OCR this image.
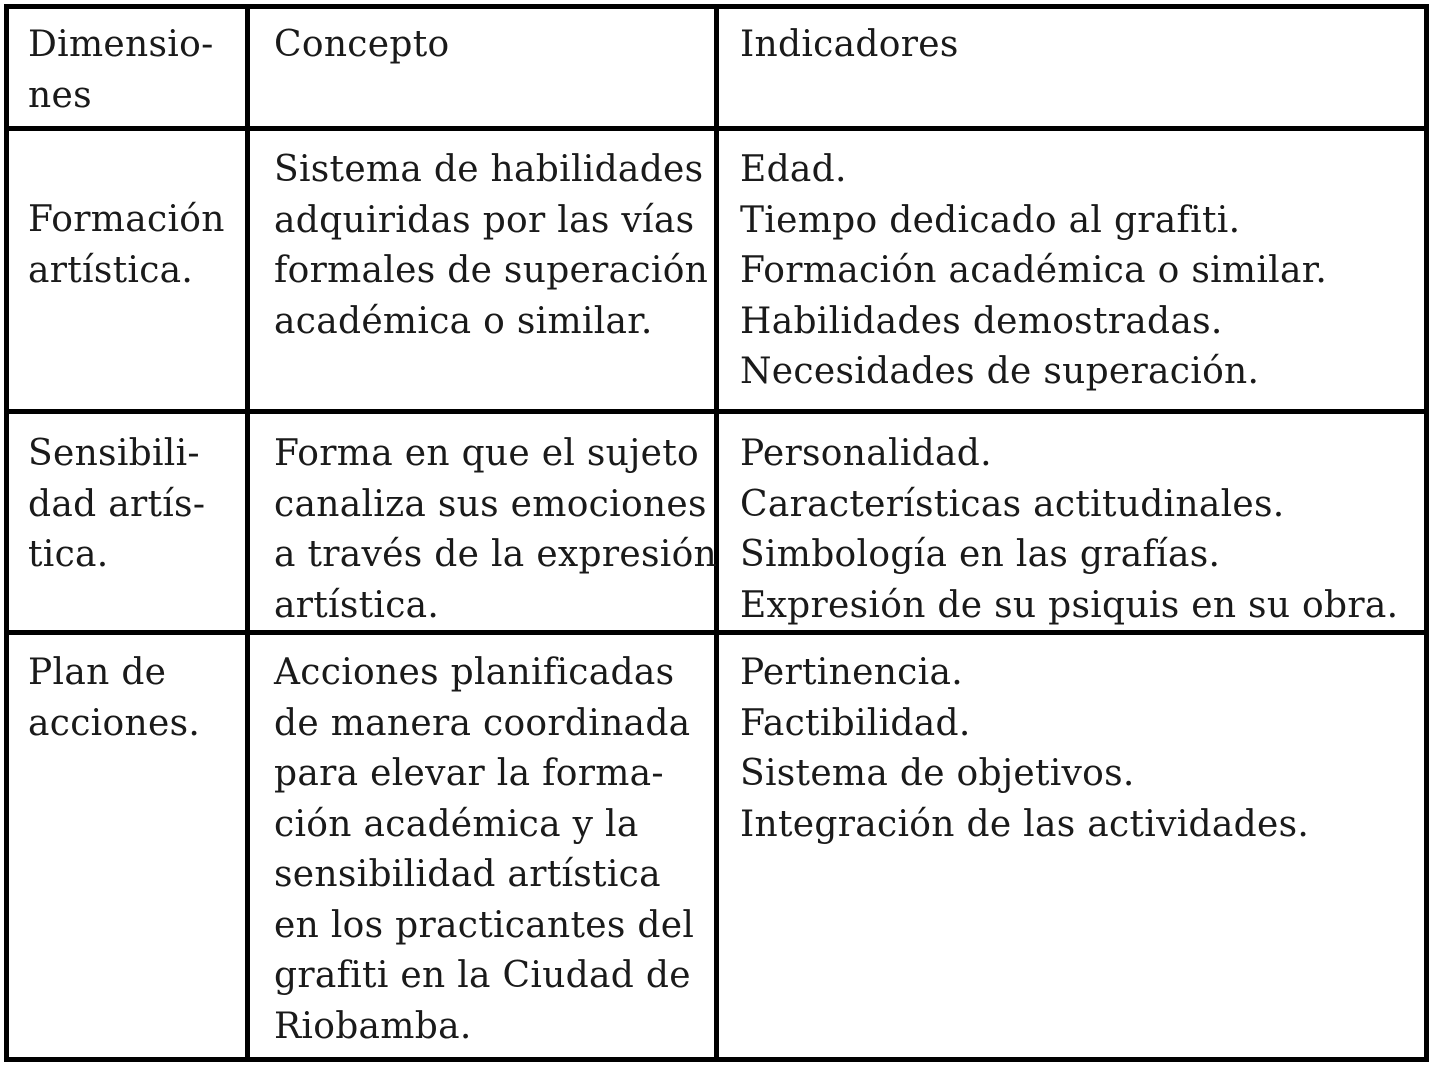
Dimensio-
nes
Concepto	Indicadores
Formación
artística.
Sistema de habilidades
adquiridas por las vías
formales de superación
académica o similar.
Edad.
Tiempo dedicado al grafiti.
Formación académica o similar.
Habilidades demostradas.
Necesidades de superación.
Sensibili-
dad artís-
tica.
Forma en que el sujeto
canaliza sus emociones
a través de la expresión
artística.
Personalidad.
Características actitudinales.
Simbología en las grafías.
Expresión de su psiquis en su obra.
Plan de
acciones.
Acciones planificadas
de manera coordinada
para elevar la forma-
ción académica y la
sensibilidad artística
en los practicantes del
grafiti en la Ciudad de
Riobamba.
Pertinencia.
Factibilidad.
Sistema de objetivos.
Integración de las actividades.
